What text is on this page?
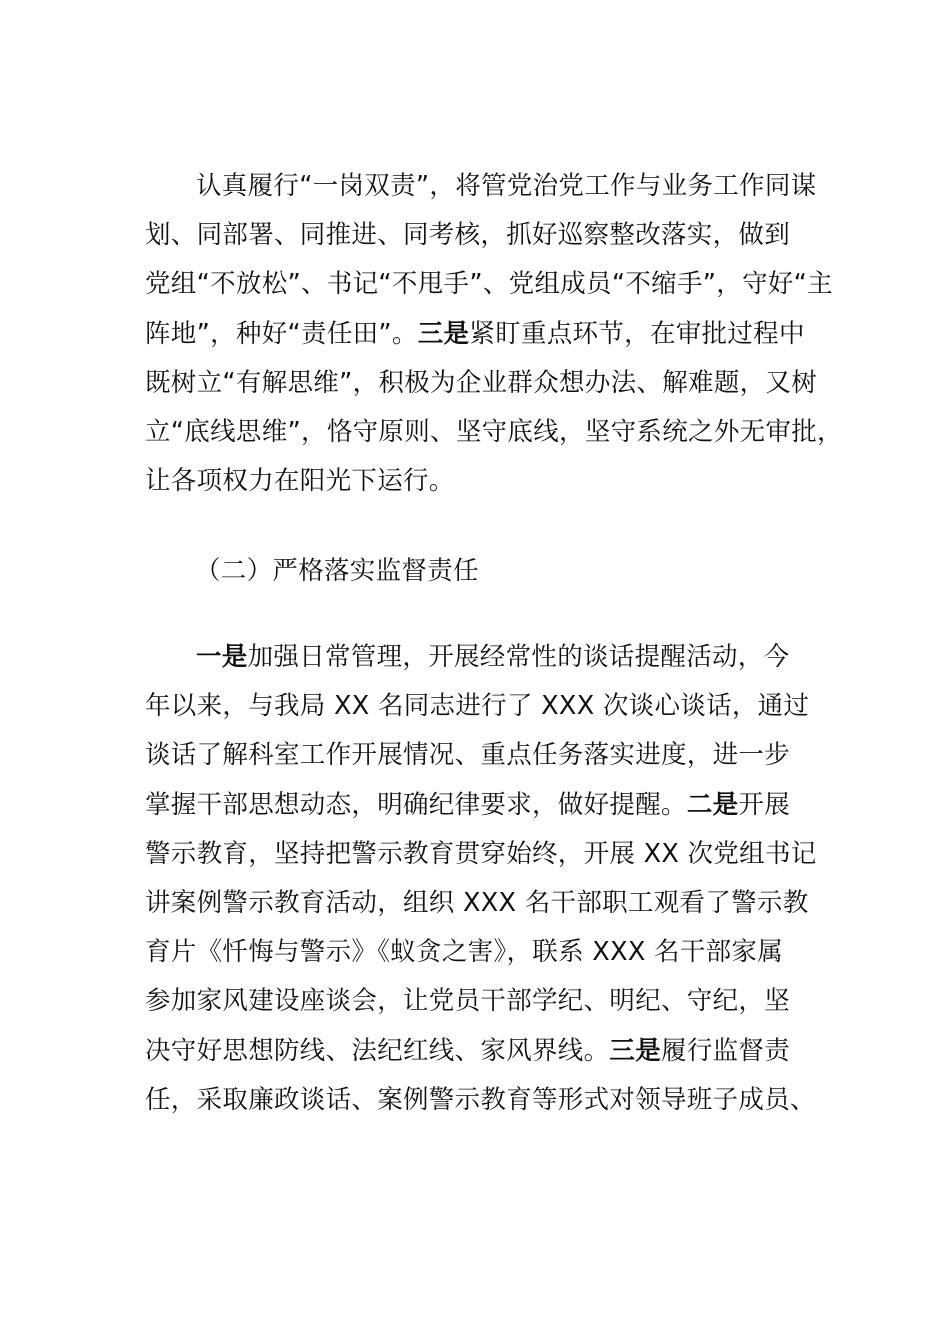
认真履行“一岗双责”，将管党治党工作与业务工作同谋
划、同部署、同推进、同考核，抓好巡察整改落实，做到
党组“不放松”、书记“不甩手”、党组成员“不缩手”，守好“主
阵地”，种好“责任田”。三是紧盯重点环节，在审批过程中
既树立“有解思维”，积极为企业群众想办法、解难题，又树
立“底线思维”，恪守原则、坚守底线，坚守系统之外无审批，
让各项权力在阳光下运行。
（二）严格落实监督责任
一是加强日常管理，开展经常性的谈话提醒活动，今
年以来，与我局 XX 名同志进行了 XXX 次谈心谈话，通过
谈话了解科室工作开展情况、重点任务落实进度，进一步
掌握干部思想动态，明确纪律要求，做好提醒。二是开展
警示教育，坚持把警示教育贯穿始终，开展 XX 次党组书记
讲案例警示教育活动，组织 XXX 名干部职工观看了警示教
育片《忏悔与警示》《蚁贪之害》，联系 XXX 名干部家属
参加家风建设座谈会，让党员干部学纪、明纪、守纪，坚
决守好思想防线、法纪红线、家风界线。三是履行监督责
任，采取廉政谈话、案例警示教育等形式对领导班子成员、
